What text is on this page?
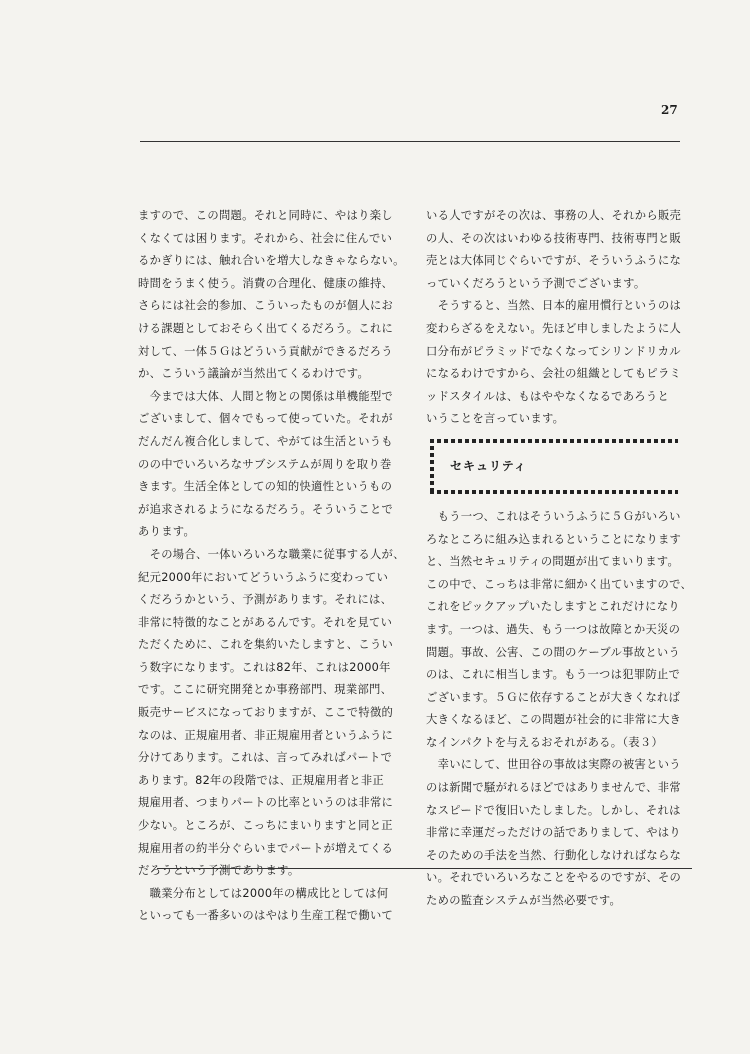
27
ますので、この問題。それと同時に、やはり楽し
くなくては困ります。それから、社会に住んでい
るかぎりには、触れ合いを増大しなきゃならない。
時間をうまく使う。消費の合理化、健康の維持、
さらには社会的参加、こういったものが個人にお
ける課題としておそらく出てくるだろう。これに
対して、一体５Ｇはどういう貢献ができるだろう
か、こういう議論が当然出てくるわけです。
　今までは大体、人間と物との関係は単機能型で
ございまして、個々でもって使っていた。それが
だんだん複合化しまして、やがては生活というも
のの中でいろいろなサブシステムが周りを取り巻
きます。生活全体としての知的快適性というもの
が追求されるようになるだろう。そういうことで
あります。
　その場合、一体いろいろな職業に従事する人が、
紀元2000年においてどういうふうに変わってい
くだろうかという、予測があります。それには、
非常に特徴的なことがあるんです。それを見てい
ただくために、これを集約いたしますと、こうい
う数字になります。これは82年、これは2000年
です。ここに研究開発とか事務部門、現業部門、
販売サービスになっておりますが、ここで特徴的
なのは、正規雇用者、非正規雇用者というふうに
分けてあります。これは、言ってみればパートで
あります。82年の段階では、正規雇用者と非正
規雇用者、つまりパートの比率というのは非常に
少ない。ところが、こっちにまいりますと同と正
規雇用者の約半分ぐらいまでパートが増えてくる
だろうという予測であります。
　職業分布としては2000年の構成比としては何
といっても一番多いのはやはり生産工程で働いて
いる人ですがその次は、事務の人、それから販売
の人、その次はいわゆる技術専門、技術専門と販
売とは大体同じぐらいですが、そういうふうにな
っていくだろうという予測でございます。
　そうすると、当然、日本的雇用慣行というのは
変わらざるをえない。先ほど申しましたように人
口分布がピラミッドでなくなってシリンドリカル
になるわけですから、会社の組織としてもピラミ
ッドスタイルは、もはややなくなるであろうと
いうことを言っています。
セキュリティ
　もう一つ、これはそういうふうに５Ｇがいろい
ろなところに組み込まれるということになります
と、当然セキュリティの問題が出てまいります。
この中で、こっちは非常に細かく出ていますので、
これをピックアップいたしますとこれだけになり
ます。一つは、過失、もう一つは故障とか天災の
問題。事故、公害、この間のケーブル事故という
のは、これに相当します。もう一つは犯罪防止で
ございます。５Ｇに依存することが大きくなれば
大きくなるほど、この問題が社会的に非常に大き
なインパクトを与えるおそれがある。（表３）
　幸いにして、世田谷の事故は実際の被害という
のは新聞で騒がれるほどではありませんで、非常
なスピードで復旧いたしました。しかし、それは
非常に幸運だっただけの話でありまして、やはり
そのための手法を当然、行動化しなければならな
い。それでいろいろなことをやるのですが、その
ための監査システムが当然必要です。
